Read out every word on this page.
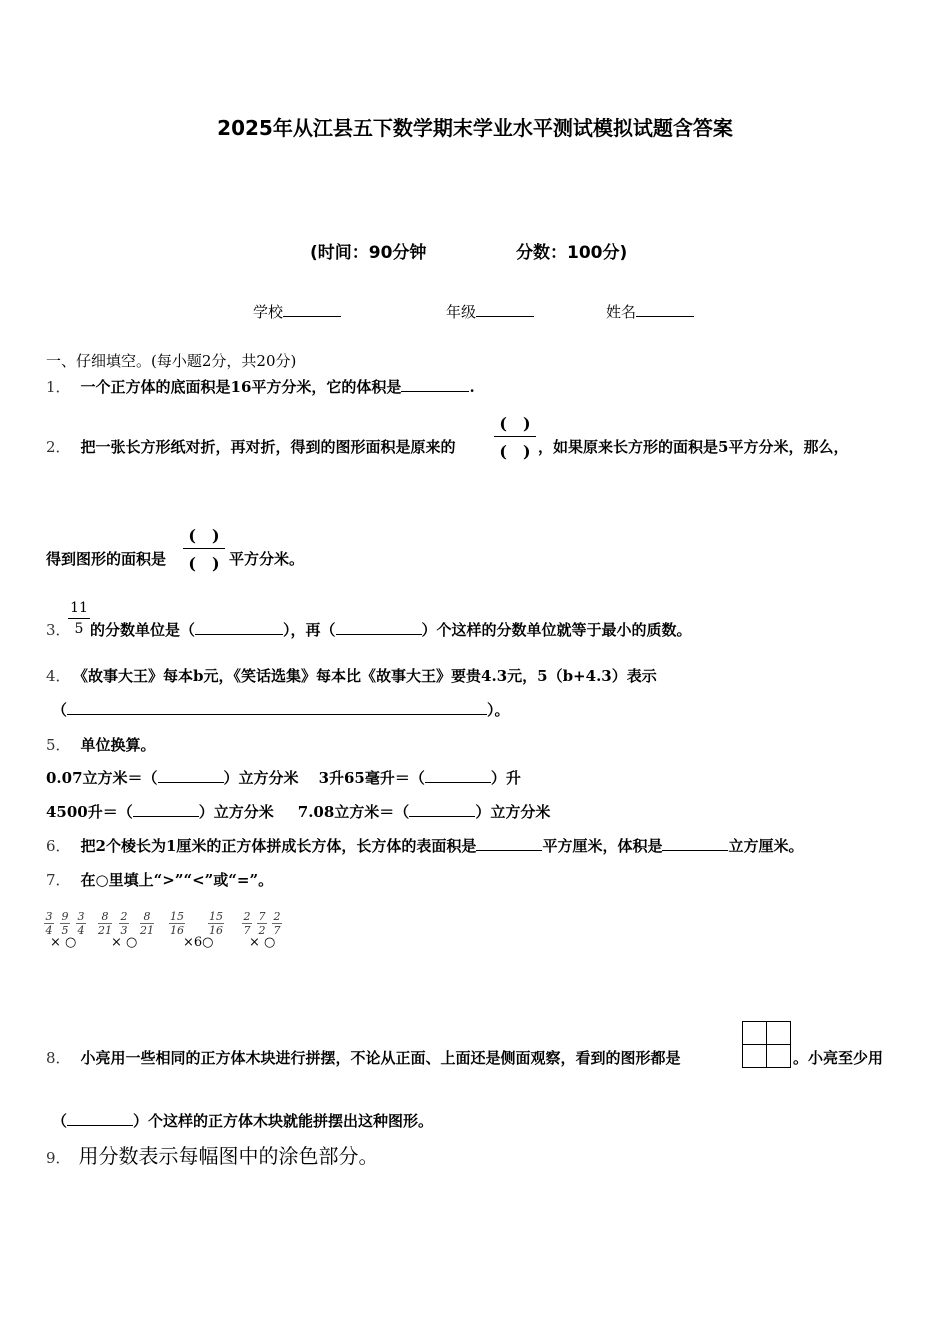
2025年从江县五下数学期末学业水平测试模拟试题含答案
(时间：90分钟	分数：100分)
学校	年级	姓名
一、仔细填空。(每小题2分，共20分)
1． 一个正方体的底面积是16平方分米，它的体积是	.
2． 把一张长方形纸对折，再对折，得到的图形面积是原来的
(　)
(　) ，如果原来长方形的面积是5平方分米，那么，
得到图形的面积是
(　)
(　) 平方分米。
3．
11
5 的分数单位是（	），再（	）个这样的分数单位就等于最小的质数。
4． 《故事大王》每本b元，《笑话选集》每本比《故事大王》要贵4.3元，5（b+4.3）表示
（	）。
5． 单位换算。
0.07立方米＝（	）立方分米 3升65毫升＝（	）升
4500升＝（	）立方分米 7.08立方米＝（	）立方分米
6． 把2个棱长为1厘米的正方体拼成长方体，长方体的表面积是	平方厘米，体积是	立方厘米。
7． 在○里填上“>”“<”或“=”。
3
4
9
5
3
4
× ○
8
21
2
3
8
21
× ○
15
16
15
16
×6○
2
7
7
2
2
7
× ○
8． 小亮用一些相同的正方体木块进行拼摆，不论从正面、上面还是侧面观察，看到的图形都是	。小亮至少用
（	）个这样的正方体木块就能拼摆出这种图形。
9． 用分数表示每幅图中的涂色部分。
